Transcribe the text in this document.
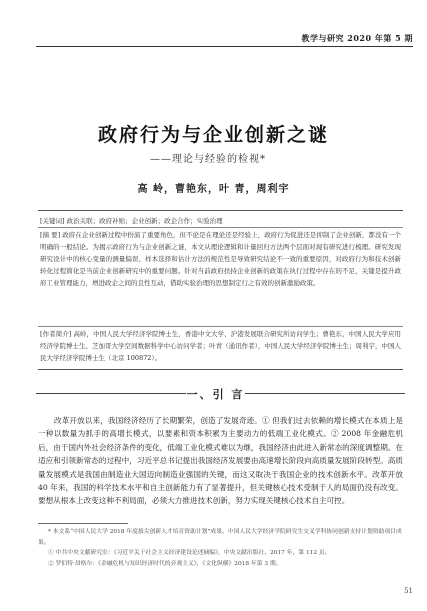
教学与研究 2020 年第 5 期
政府行为与企业创新之谜
——理论与经验的检视*
高 岭，曹艳东，叶 青，周利宇

[关键词] 政治关联；政府补贴；企业创新；政企合作；实验治理

[摘 要] 政府在企业创新过程中扮演了重要角色，但不论是在理论还是经验上，政府行为促进还是抑制了企业创新，都没有一个明确的一般结论。为揭示政府行为与企业创新之谜，本文从理论逻辑和计量回归方法两个层面对现有研究进行梳理。研究发现研究设计中的核心变量的测量偏误、样本选择和估计方法的规范性是导致研究结论不一致的重要原因，对政府行为和技术创新转化过程简化是当前企业创新研究中的重要问题。针对当前政府扶持企业创新的政策在执行过程中存在的不足，关键是提升政府工业管理能力，增进政企之间的良性互动，借助实验治理的思想制定行之有效的创新激励政策。

[作者简介] 高岭，中国人民大学经济学院博士生，香港中文大学、沪港发展联合研究所访问学生；曹艳东，中国人民大学应用经济学院博士生、芝加哥大学空间数据科学中心访问学者；叶青（通讯作者），中国人民大学经济学院博士生；周利宇，中国人民大学经济学院博士生（北京 100872）。

一、引 言

改革开放以来，我国经济经历了长期繁荣，创造了发展奇迹。① 但我们过去依赖的增长模式在本质上是一种以数量为抓手的高增长模式，以要素和资本积累为主要动力的低端工业化模式。② 2008 年金融危机后，由于国内外社会经济条件的变化，低端工业化模式难以为继，我国经济由此进入新常态的深度调整期。在适应和引领新常态的过程中，习近平总书记提出我国经济发展要由高速增长阶段向高质量发展阶段转型。高质量发展模式是我国由制造业大国迈向制造业强国的关键，而这又取决于我国企业的技术创新水平。改革开放 40 年来，我国的科学技术水平和自主创新能力有了显著提升，但关键核心技术受制于人的局面仍没有改变。要想从根本上改变这种不利局面，必须大力推进技术创新，努力实现关键核心技术自主可控。

* 本文系“中国人民大学 2018 年度拔尖创新人才培育资助计划”成果、中国人民大学经济学院研究生交叉学科协同创新支持计划资助项目成果。

① 中共中央文献研究室：《习近平关于社会主义经济建设论述摘编》，中央文献出版社，2017 年，第 112 页。

② 罗伯特·昂格尔：《金融危机与知识经济时代的旁观主义》，《文化纵横》2018 年第 3 期。

51
